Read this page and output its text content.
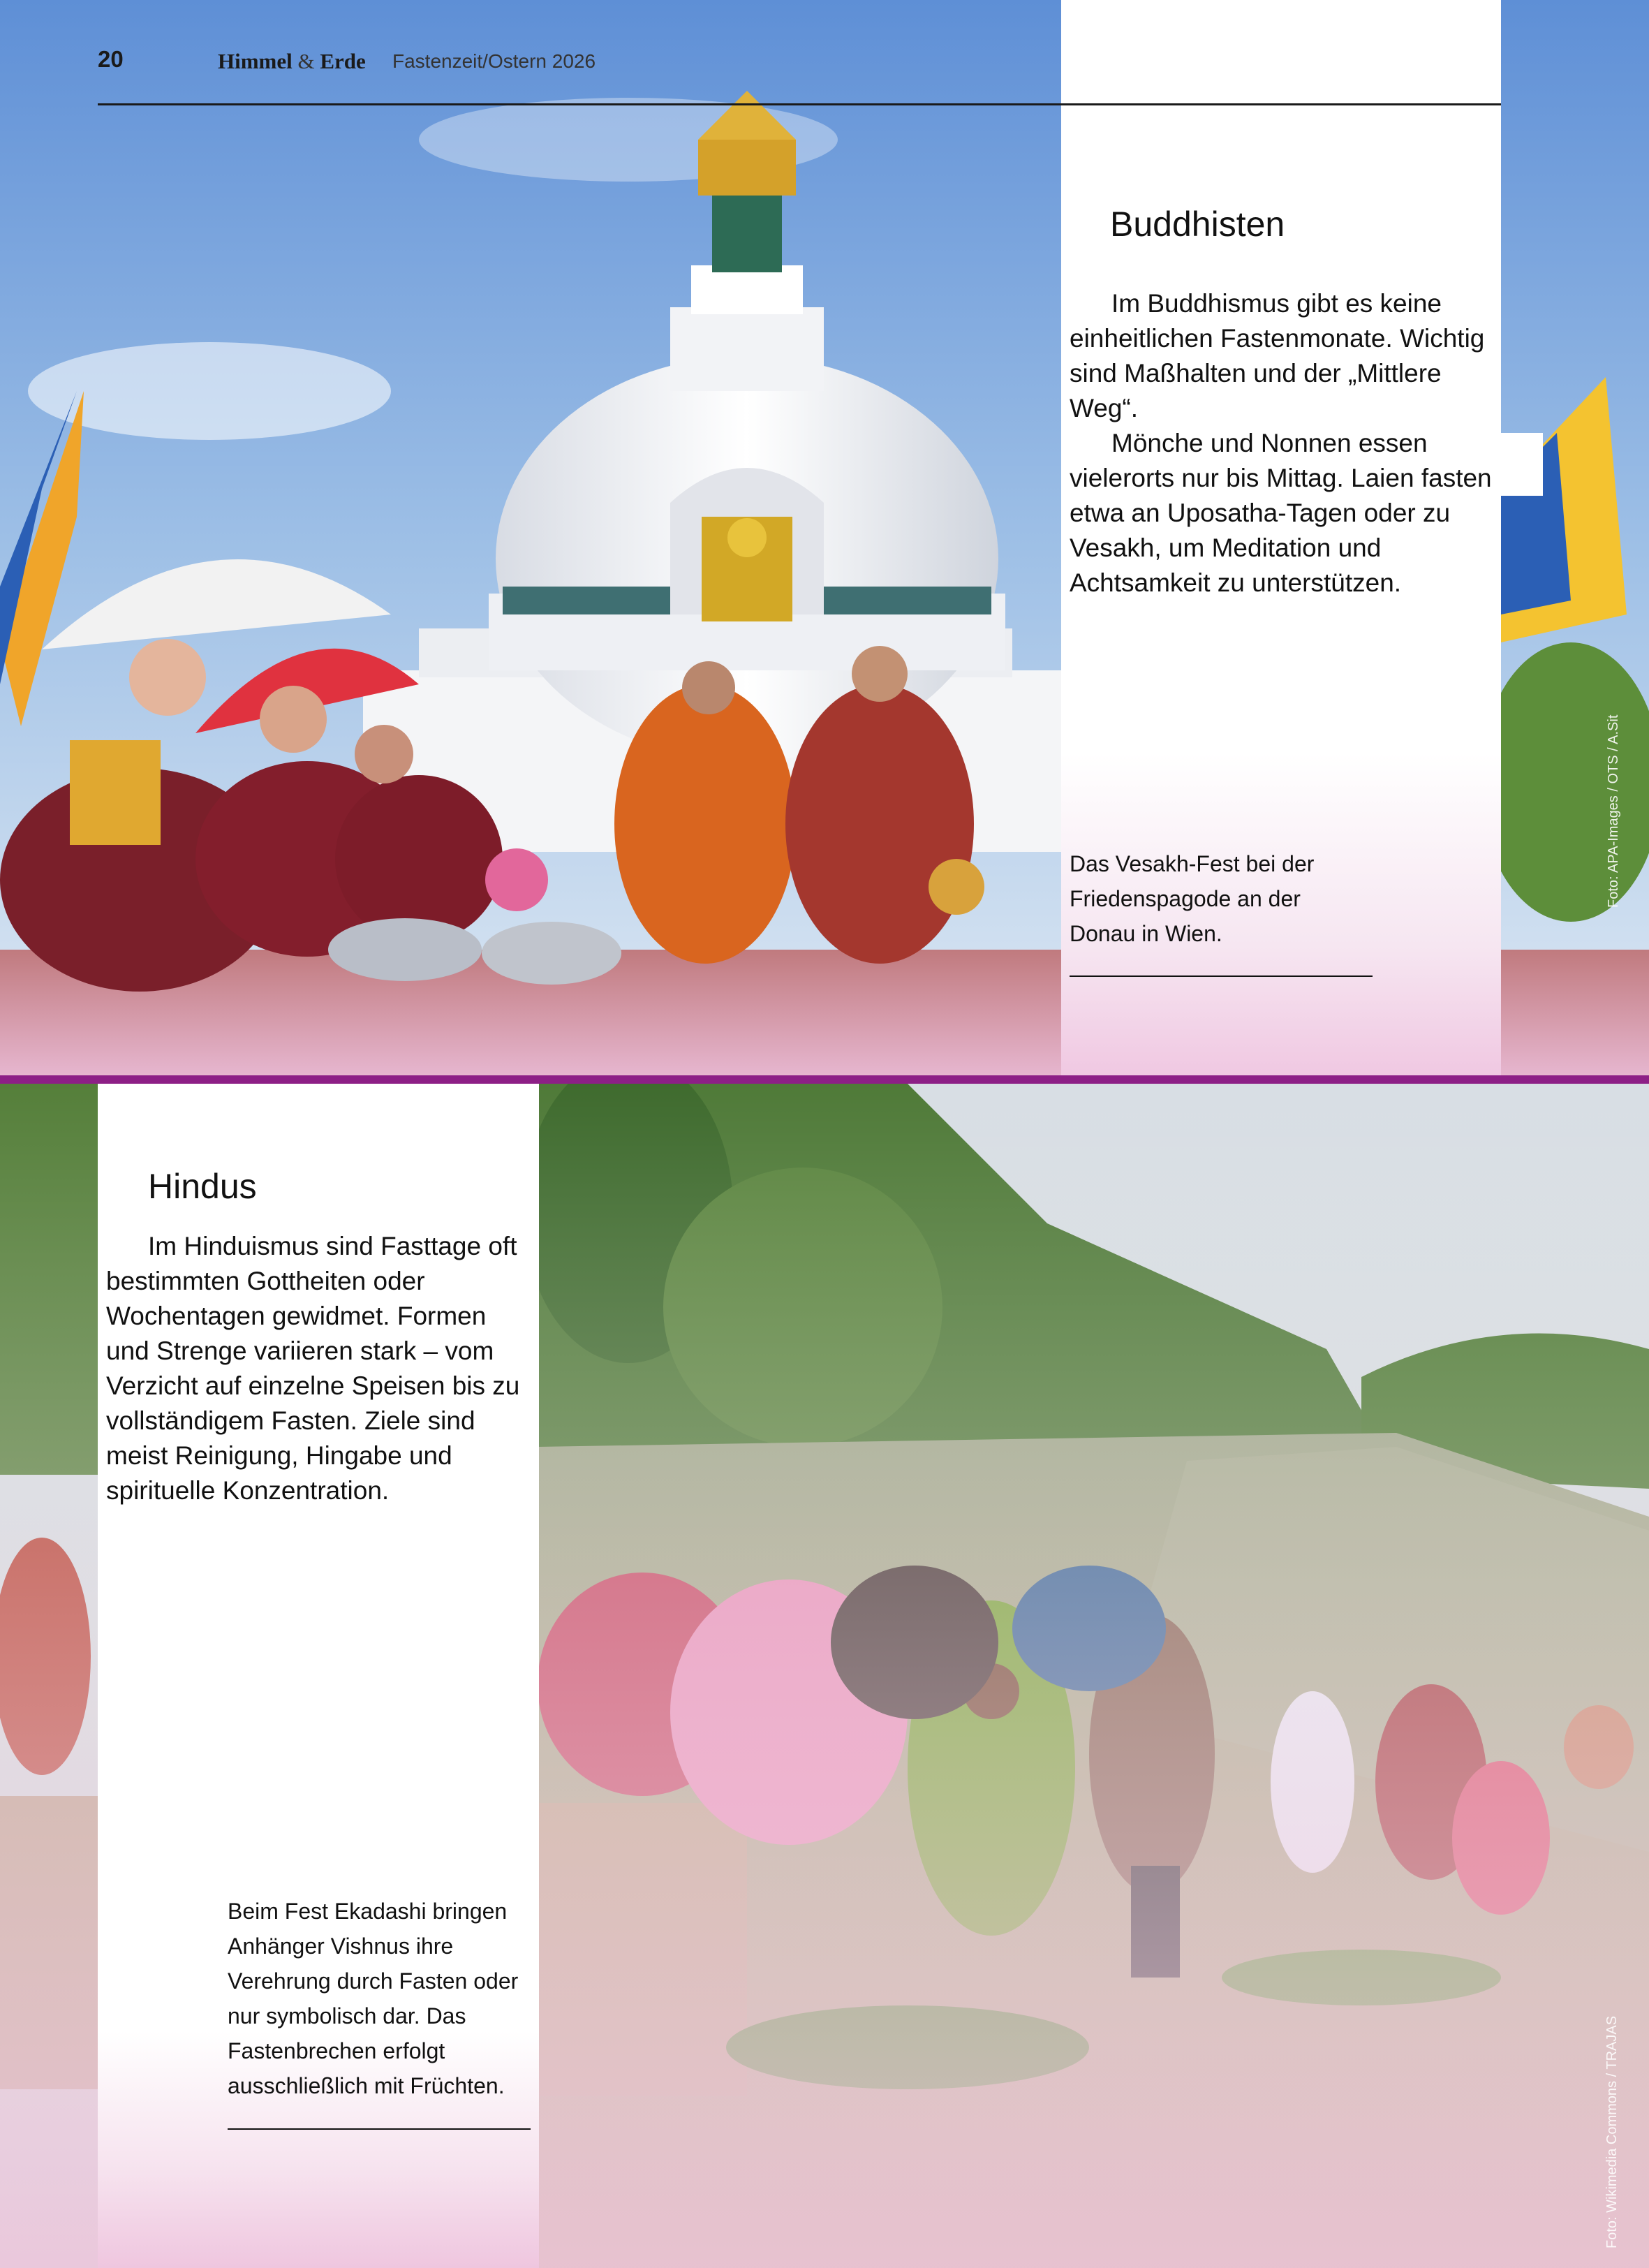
20	Himmel & Erde Fastenzeit/Ostern 2026
Buddhisten

Im Buddhismus gibt es keine einheitlichen Fastenmonate. Wichtig sind Maßhalten und der „Mittlere Weg“.

Mönche und Nonnen essen vielerorts nur bis Mittag. Laien fasten etwa an Uposatha-Tagen oder zu Vesakh, um Meditation und Achtsamkeit zu unterstützen.

Das Vesakh-Fest bei der Friedenspagode an der Donau in Wien.
Foto: APA-Images / OTS / A.Sit
Hindus

Im Hinduismus sind Fasttage oft bestimmten Gottheiten oder Wochentagen gewidmet. Formen und Strenge variieren stark – vom Verzicht auf einzelne Speisen bis zu vollständigem Fasten. Ziele sind meist Reinigung, Hingabe und spirituelle Konzentration.

Beim Fest Ekadashi bringen Anhänger Vishnus ihre Verehrung durch Fasten oder nur symbolisch dar. Das Fastenbrechen erfolgt ausschließlich mit Früchten.	Foto: Wikimedia Commons / TRAJAS
